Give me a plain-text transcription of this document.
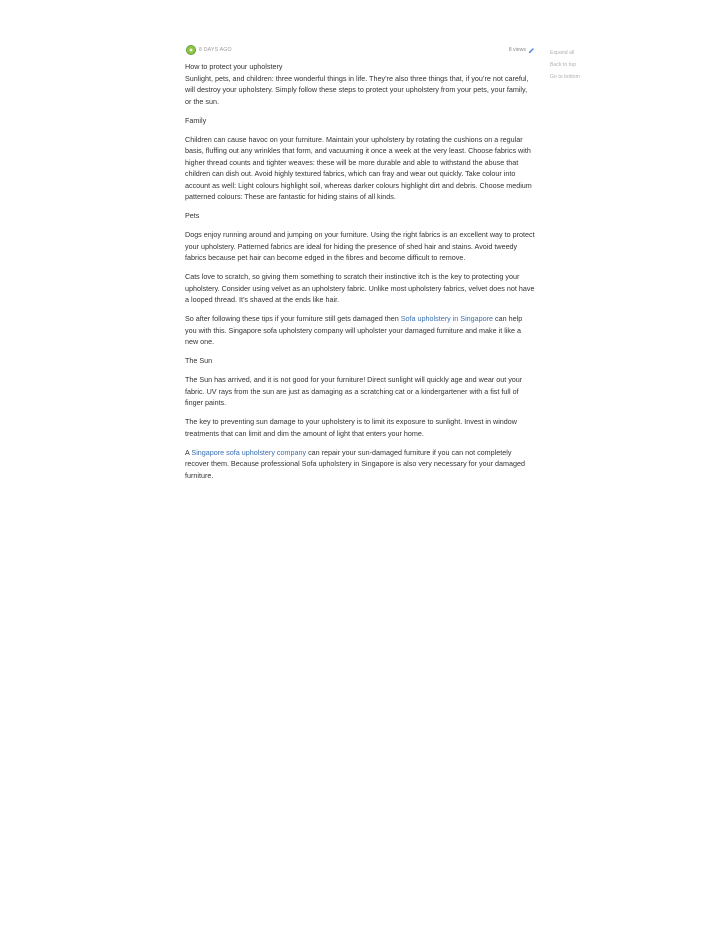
8 DAYS AGO	8 views
How to protect your upholstery

Sunlight, pets, and children: three wonderful things in life. They’re also three things that, if you’re not careful, will destroy your upholstery. Simply follow these steps to protect your upholstery from your pets, your family, or the sun.

Family

Children can cause havoc on your furniture. Maintain your upholstery by rotating the cushions on a regular basis, fluffing out any wrinkles that form, and vacuuming it once a week at the very least. Choose fabrics with higher thread counts and tighter weaves: these will be more durable and able to withstand the abuse that children can dish out. Avoid highly textured fabrics, which can fray and wear out quickly. Take colour into account as well: Light colours highlight soil, whereas darker colours highlight dirt and debris. Choose medium patterned colours: These are fantastic for hiding stains of all kinds.

Pets

Dogs enjoy running around and jumping on your furniture. Using the right fabrics is an excellent way to protect your upholstery. Patterned fabrics are ideal for hiding the presence of shed hair and stains. Avoid tweedy fabrics because pet hair can become edged in the fibres and become difficult to remove.

Cats love to scratch, so giving them something to scratch their instinctive itch is the key to protecting your upholstery. Consider using velvet as an upholstery fabric. Unlike most upholstery fabrics, velvet does not have a looped thread. It’s shaved at the ends like hair.

So after following these tips if your furniture still gets damaged then Sofa upholstery in Singapore can help you with this. Singapore sofa upholstery company will upholster your damaged furniture and make it like a new one.

The Sun

The Sun has arrived, and it is not good for your furniture! Direct sunlight will quickly age and wear out your fabric. UV rays from the sun are just as damaging as a scratching cat or a kindergartener with a fist full of finger paints.

The key to preventing sun damage to your upholstery is to limit its exposure to sunlight. Invest in window treatments that can limit and dim the amount of light that enters your home.

A Singapore sofa upholstery company can repair your sun-damaged furniture if you can not completely recover them. Because professional Sofa upholstery in Singapore is also very necessary for your damaged furniture.

Expand all
Back to top
Go to bottom
